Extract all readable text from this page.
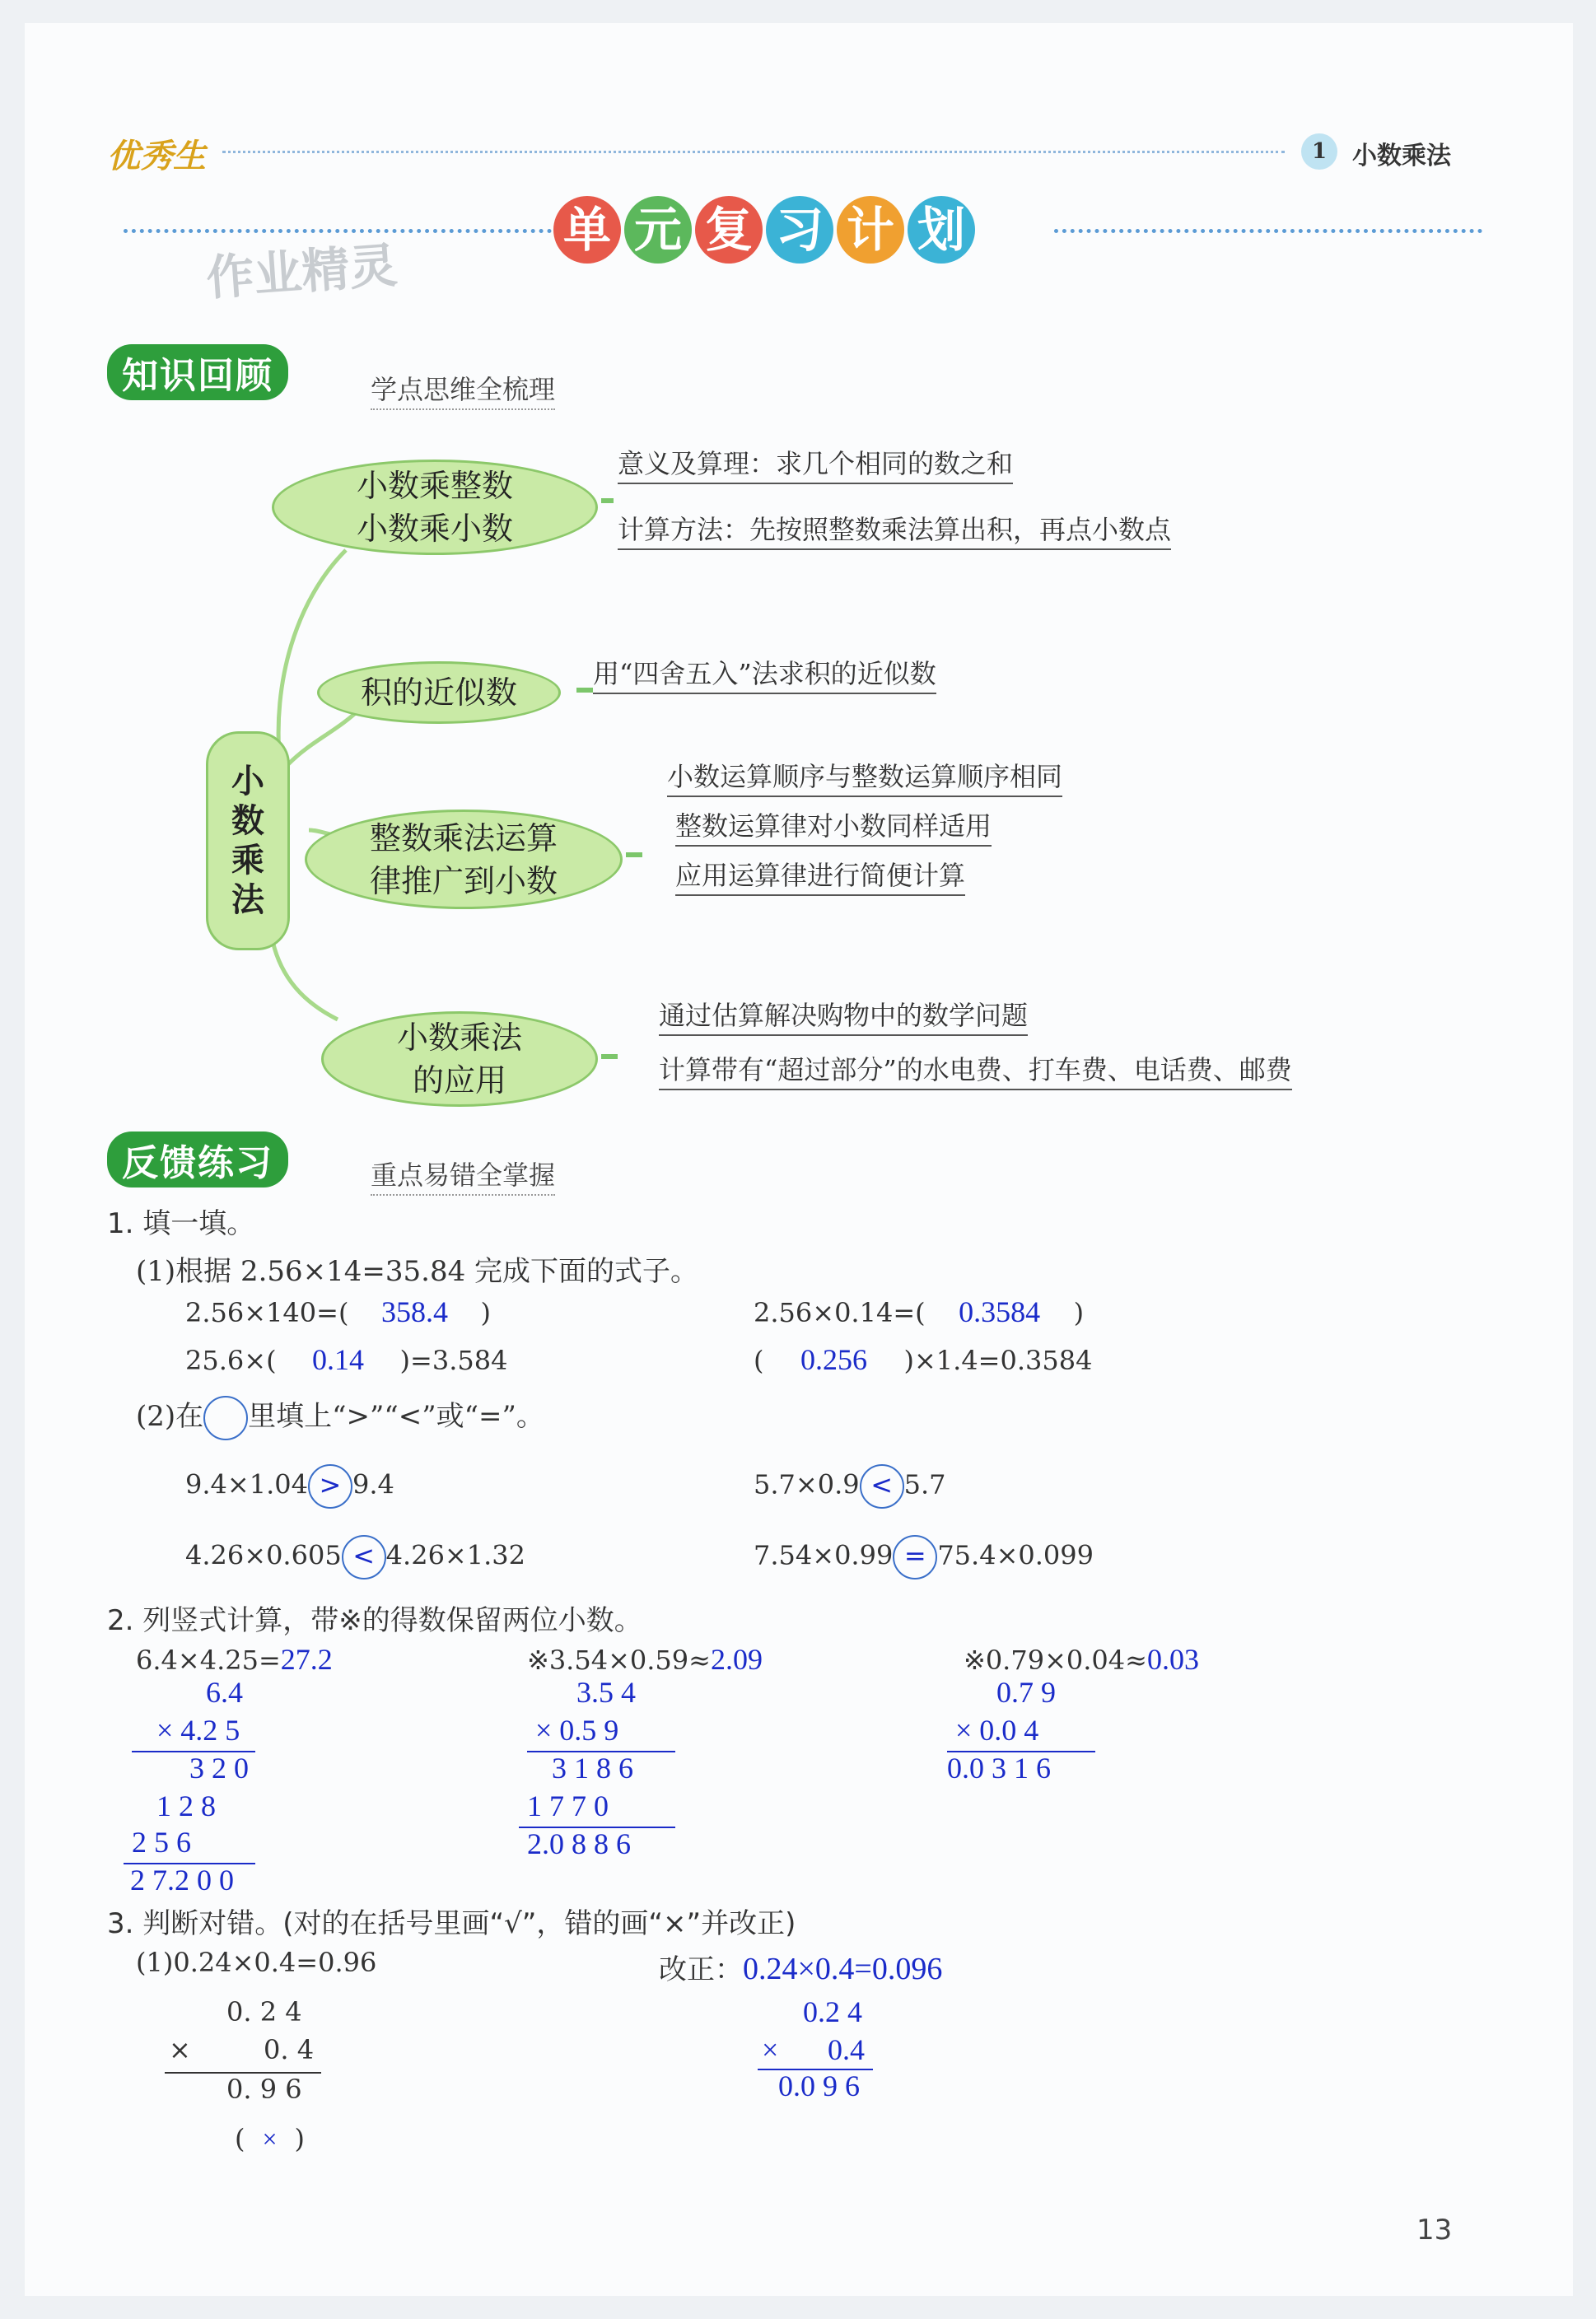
优秀生	1	小数乘法
单 元 复 习 计 划
作业精灵
知识回顾	学点思维全梳理
小
数
乘
法
小数乘整数
小数乘小数
意义及算理：求几个相同的数之和
计算方法：先按照整数乘法算出积，再点小数点
积的近似数
用“四舍五入”法求积的近似数
整数乘法运算
律推广到小数
小数运算顺序与整数运算顺序相同
整数运算律对小数同样适用
应用运算律进行简便计算
小数乘法
的应用
通过估算解决购物中的数学问题
计算带有“超过部分”的水电费、打车费、电话费、邮费
反馈练习	重点易错全掌握
1. 填一填。
(1)根据 2.56×14=35.84 完成下面的式子。
2.56×140=( 358.4 )	2.56×0.14=( 0.3584 )
25.6×( 0.14 )=3.584	( 0.256 )×1.4=0.3584
(2)在 里填上“>”“<”或“=”。
9.4×1.04 > 9.4	5.7×0.9 < 5.7
4.26×0.605 < 4.26×1.32	7.54×0.99 = 75.4×0.099
2. 列竖式计算，带※的得数保留两位小数。
6.4×4.25=27.2
6.4
× 4.2 5
3 2 0
1 2 8
2 5 6
2 7.2 0 0
※3.54×0.59≈2.09
3.5 4
× 0.5 9
3 1 8 6
1 7 7 0
2.0 8 8 6
※0.79×0.04≈0.03
0.7 9
× 0.0 4
0.0 3 1 6
3. 判断对错。(对的在括号里画“√”，错的画“×”并改正)
(1)0.24×0.4=0.96	改正：0.24×0.4=0.096
0. 2 4
×	0. 4
0. 9 6
( × )
0.2 4
× 0.4
0.0 9 6
13
